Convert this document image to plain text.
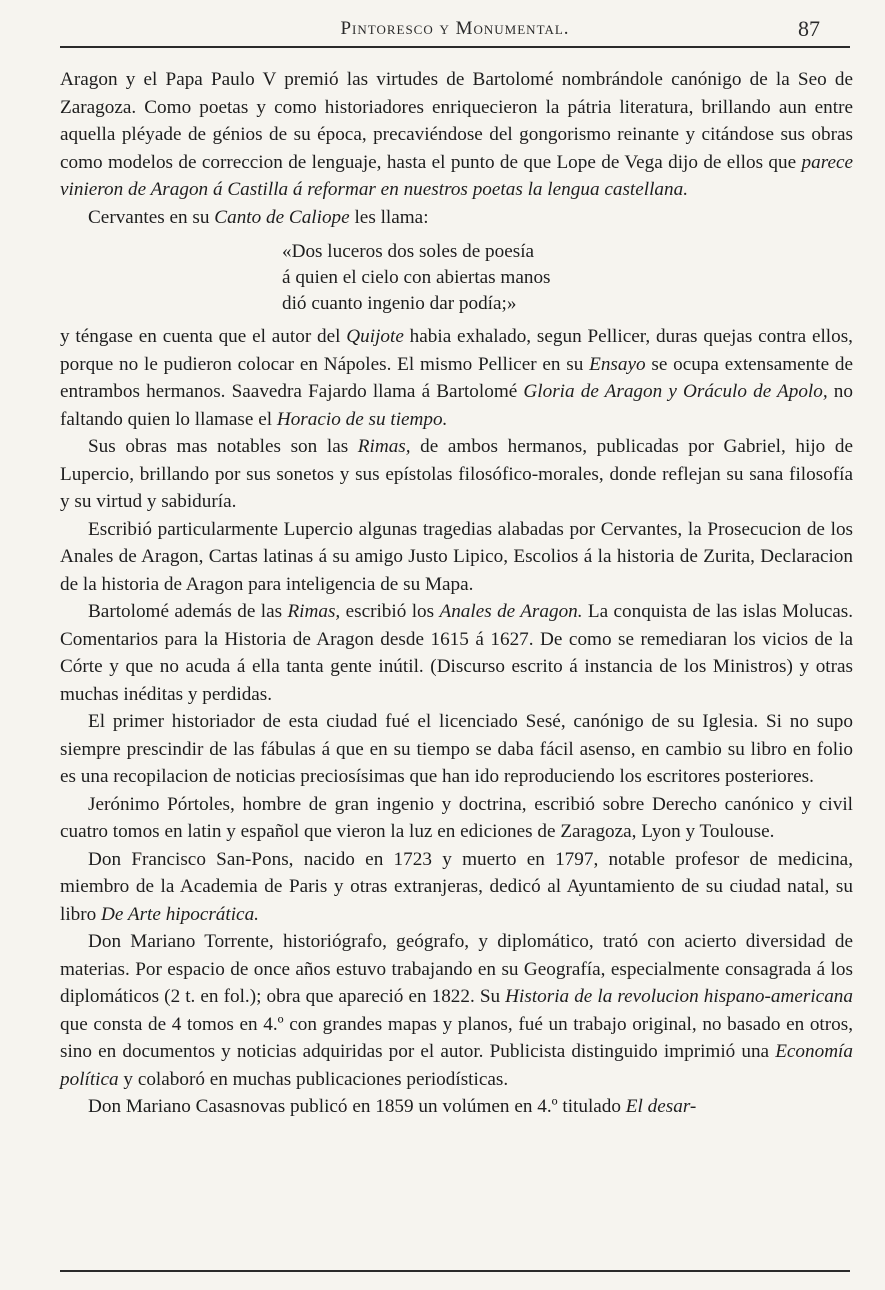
Pintoresco y Monumental.	87

Aragon y el Papa Paulo V premió las virtudes de Bartolomé nombrándole canónigo de la Seo de Zaragoza. Como poetas y como historiadores enriquecieron la pátria literatura, brillando aun entre aquella pléyade de génios de su época, precaviéndose del gongorismo reinante y citándose sus obras como modelos de correccion de lenguaje, hasta el punto de que Lope de Vega dijo de ellos que parece vinieron de Aragon á Castilla á reformar en nuestros poetas la lengua castellana.

Cervantes en su Canto de Caliope les llama:

«Dos luceros dos soles de poesía
á quien el cielo con abiertas manos
dió cuanto ingenio dar podía;»

y téngase en cuenta que el autor del Quijote habia exhalado, segun Pellicer, duras quejas contra ellos, porque no le pudieron colocar en Nápoles. El mismo Pellicer en su Ensayo se ocupa extensamente de entrambos hermanos. Saavedra Fajardo llama á Bartolomé Gloria de Aragon y Oráculo de Apolo, no faltando quien lo llamase el Horacio de su tiempo.

Sus obras mas notables son las Rimas, de ambos hermanos, publicadas por Gabriel, hijo de Lupercio, brillando por sus sonetos y sus epístolas filosófico-morales, donde reflejan su sana filosofía y su virtud y sabiduría.

Escribió particularmente Lupercio algunas tragedias alabadas por Cervantes, la Prosecucion de los Anales de Aragon, Cartas latinas á su amigo Justo Lipico, Escolios á la historia de Zurita, Declaracion de la historia de Aragon para inteligencia de su Mapa.

Bartolomé además de las Rimas, escribió los Anales de Aragon. La conquista de las islas Molucas. Comentarios para la Historia de Aragon desde 1615 á 1627. De como se remediaran los vicios de la Córte y que no acuda á ella tanta gente inútil. (Discurso escrito á instancia de los Ministros) y otras muchas inéditas y perdidas.

El primer historiador de esta ciudad fué el licenciado Sesé, canónigo de su Iglesia. Si no supo siempre prescindir de las fábulas á que en su tiempo se daba fácil asenso, en cambio su libro en folio es una recopilacion de noticias preciosísimas que han ido reproduciendo los escritores posteriores.

Jerónimo Pórtoles, hombre de gran ingenio y doctrina, escribió sobre Derecho canónico y civil cuatro tomos en latin y español que vieron la luz en ediciones de Zaragoza, Lyon y Toulouse.

Don Francisco San-Pons, nacido en 1723 y muerto en 1797, notable profesor de medicina, miembro de la Academia de Paris y otras extranjeras, dedicó al Ayuntamiento de su ciudad natal, su libro De Arte hipocrática.

Don Mariano Torrente, historiógrafo, geógrafo, y diplomático, trató con acierto diversidad de materias. Por espacio de once años estuvo trabajando en su Geografía, especialmente consagrada á los diplomáticos (2 t. en fol.); obra que apareció en 1822. Su Historia de la revolucion hispano-americana que consta de 4 tomos en 4.º con grandes mapas y planos, fué un trabajo original, no basado en otros, sino en documentos y noticias adquiridas por el autor. Publicista distinguido imprimió una Economía política y colaboró en muchas publicaciones periodísticas.

Don Mariano Casasnovas publicó en 1859 un volúmen en 4.º titulado El desar-
